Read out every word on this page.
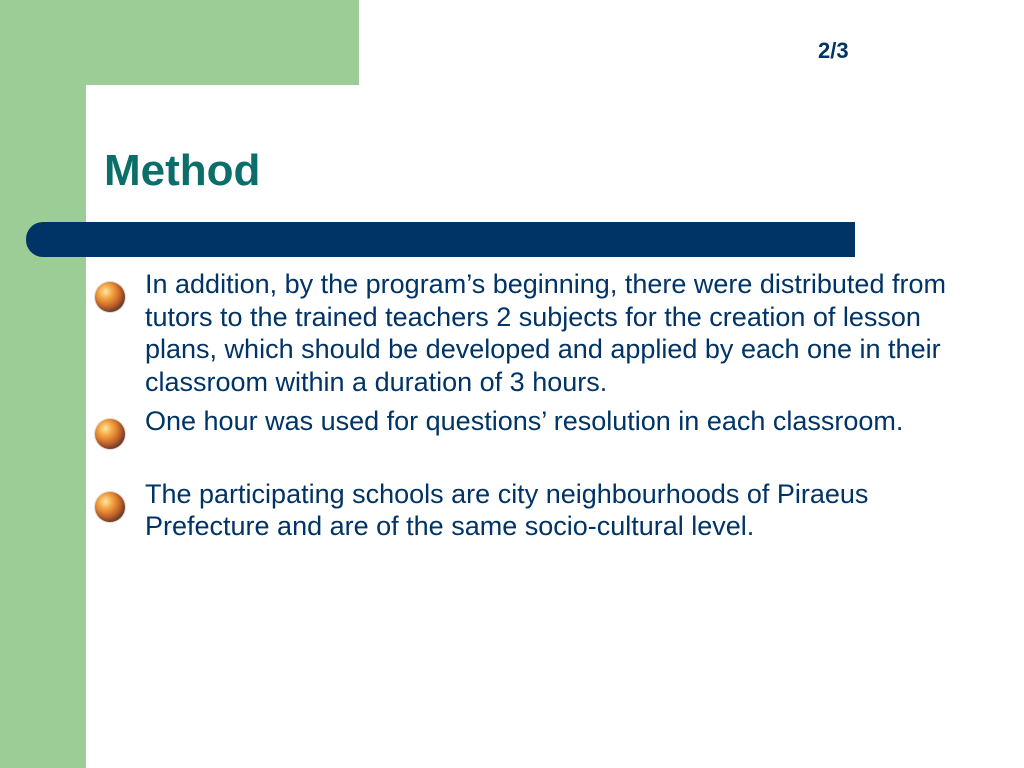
2/3
Method
In addition, by the program’s beginning, there were distributed from tutors to the trained teachers 2 subjects for the creation of lesson plans, which should be developed and applied by each one in their classroom within a duration of 3 hours.
One hour was used for questions’ resolution in each classroom.
The participating schools are city neighbourhoods of Piraeus Prefecture and are of the same socio-cultural level.
